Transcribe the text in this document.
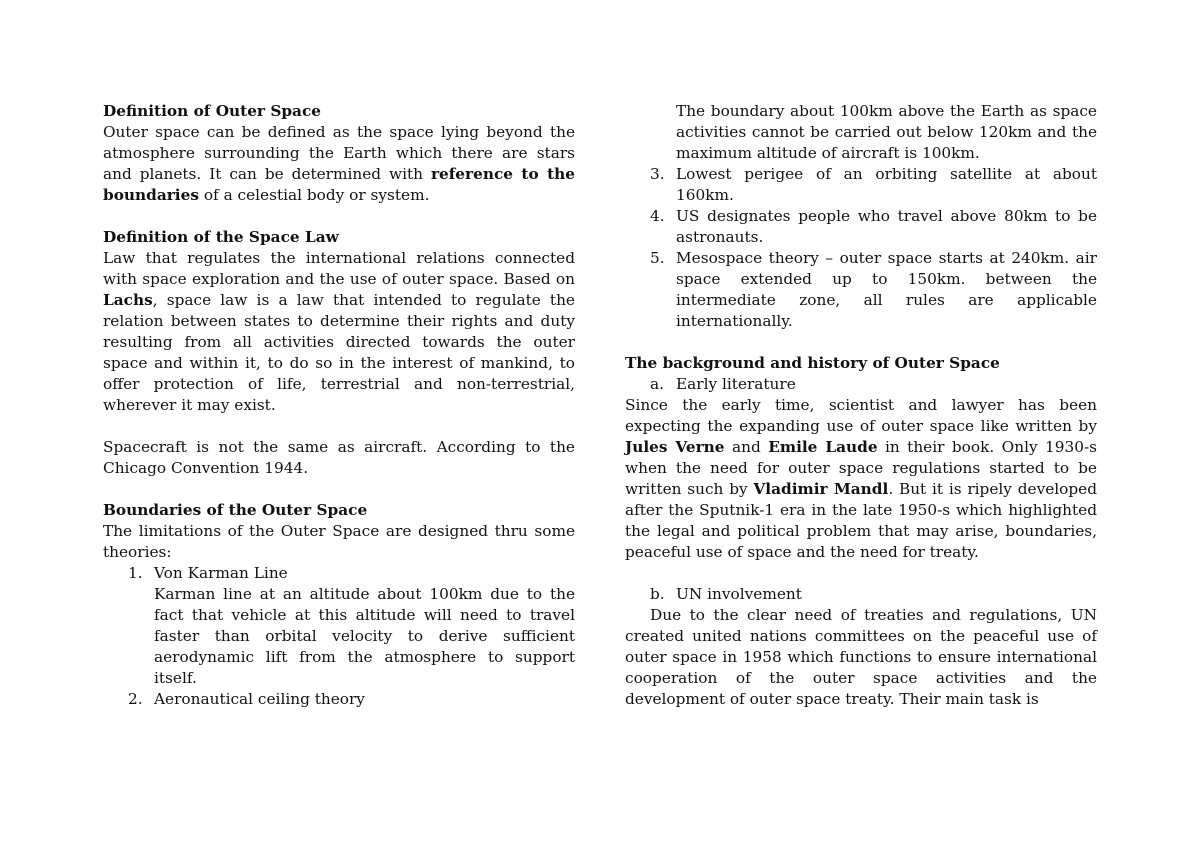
Definition of Outer Space

Outer space can be defined as the space lying beyond the atmosphere surrounding the Earth which there are stars and planets. It can be determined with reference to the boundaries of a celestial body or system.

Definition of the Space Law

Law that regulates the international relations connected with space exploration and the use of outer space. Based on Lachs, space law is a law that intended to regulate the relation between states to determine their rights and duty resulting from all activities directed towards the outer space and within it, to do so in the interest of mankind, to offer protection of life, terrestrial and non-terrestrial, wherever it may exist.

Spacecraft is not the same as aircraft. According to the Chicago Convention 1944.

Boundaries of the Outer Space

The limitations of the Outer Space are designed thru some theories:

1. Von Karman Line

Karman line at an altitude about 100km due to the fact that vehicle at this altitude will need to travel faster than orbital velocity to derive sufficient aerodynamic lift from the atmosphere to support itself.

2. Aeronautical ceiling theory

The boundary about 100km above the Earth as space activities cannot be carried out below 120km and the maximum altitude of aircraft is 100km.

3. Lowest perigee of an orbiting satellite at about 160km.

4. US designates people who travel above 80km to be astronauts.

5. Mesospace theory – outer space starts at 240km. air space extended up to 150km. between the intermediate zone, all rules are applicable internationally.

The background and history of Outer Space

a. Early literature

Since the early time, scientist and lawyer has been expecting the expanding use of outer space like written by Jules Verne and Emile Laude in their book. Only 1930-s when the need for outer space regulations started to be written such by Vladimir Mandl. But it is ripely developed after the Sputnik-1 era in the late 1950-s which highlighted the legal and political problem that may arise, boundaries, peaceful use of space and the need for treaty.

b. UN involvement

Due to the clear need of treaties and regulations, UN created united nations committees on the peaceful use of outer space in 1958 which functions to ensure international cooperation of the outer space activities and the development of outer space treaty. Their main task is
